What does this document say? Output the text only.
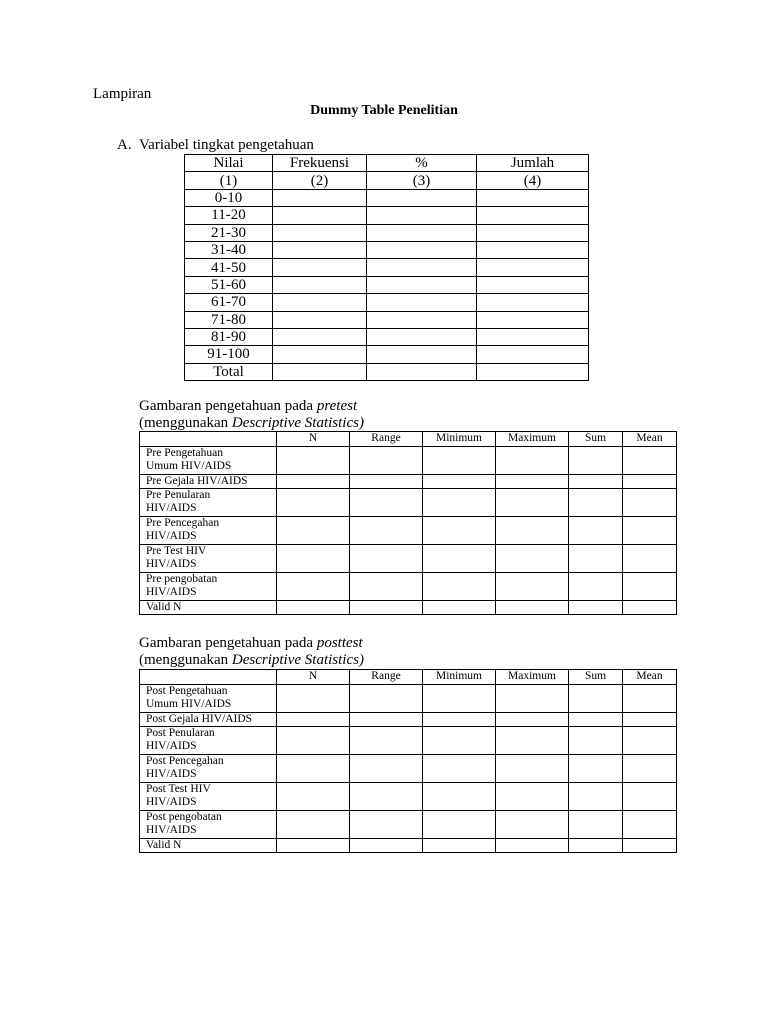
Lampiran
Dummy Table Penelitian
A. Variabel tingkat pengetahuan
Nilai	Frekuensi	%	Jumlah
(1)	(2)	(3)	(4)
0-10			
11-20			
21-30			
31-40			
41-50			
51-60			
61-70			
71-80			
81-90			
91-100			
Total			
Gambaran pengetahuan pada pretest
(menggunakan Descriptive Statistics)
	N	Range	Minimum	Maximum	Sum	Mean

Pre Pengetahuan
Umum HIV/AIDS						

Pre Gejala HIV/AIDS						

Pre Penularan
HIV/AIDS						

Pre Pencegahan
HIV/AIDS						

Pre Test HIV
HIV/AIDS						

Pre pengobatan
HIV/AIDS						

Valid N						

Gambaran pengetahuan pada posttest
(menggunakan Descriptive Statistics)
	N	Range	Minimum	Maximum	Sum	Mean

Post Pengetahuan
Umum HIV/AIDS						

Post Gejala HIV/AIDS						

Post Penularan
HIV/AIDS						

Post Pencegahan
HIV/AIDS						

Post Test HIV
HIV/AIDS						

Post pengobatan
HIV/AIDS						

Valid N						
